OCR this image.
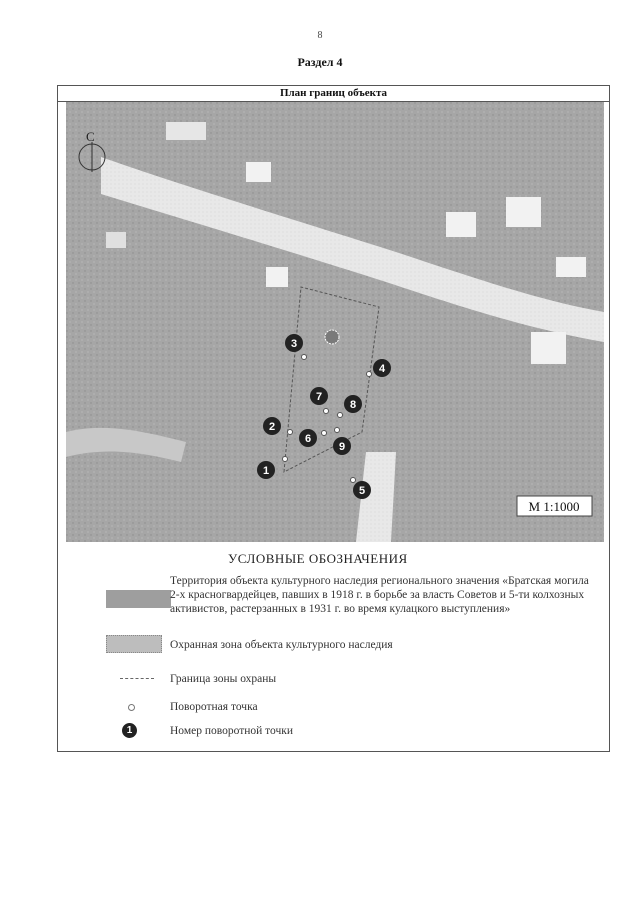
8
Раздел 4
План границ объекта
С
1
2
3
4
5
6
7
8
9
М 1:1000
УСЛОВНЫЕ ОБОЗНАЧЕНИЯ
Территория объекта культурного наследия регионального значения «Братская могила 2-х красногвардейцев, павших в 1918 г. в борьбе за власть Советов и 5-ти колхозных активистов, растерзанных в 1931 г. во время кулацкого выступления»
Охранная зона объекта культурного наследия
Граница зоны охраны
Поворотная точка
1	Номер поворотной точки
